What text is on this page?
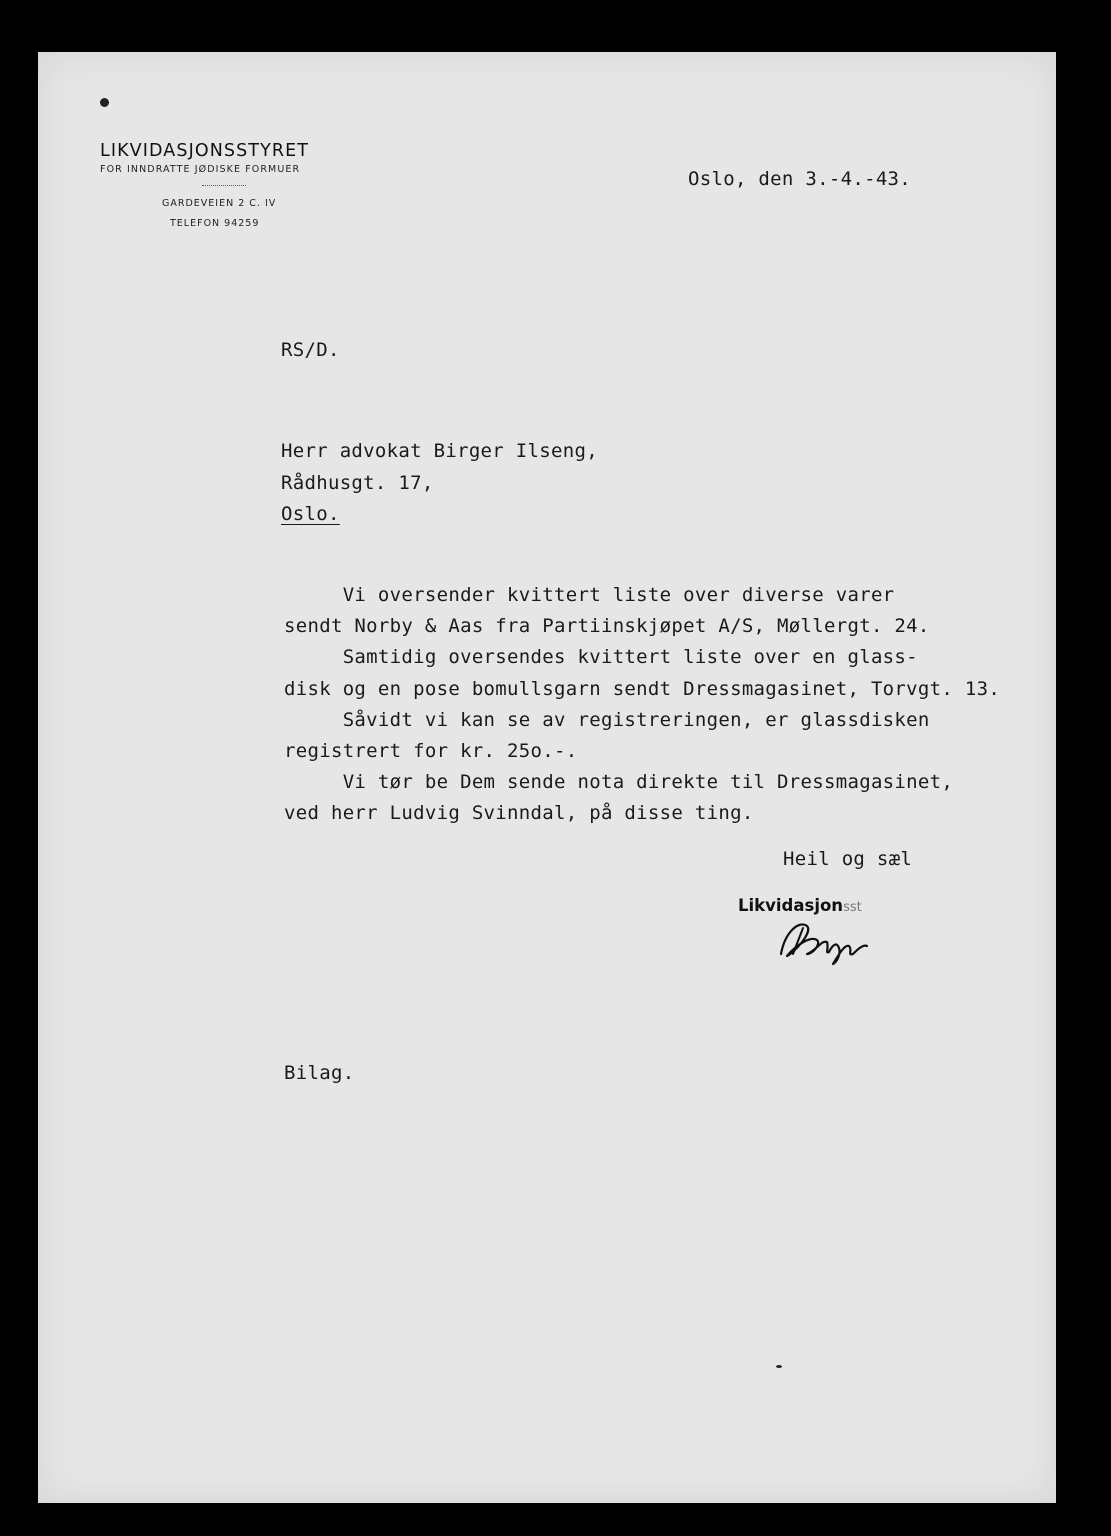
LIKVIDASJONSSTYRET
FOR INNDRATTE JØDISKE FORMUER
GARDEVEIEN 2 C. IV
TELEFON 94259
Oslo, den 3.-4.-43.
RS/D.
Herr advokat Birger Ilseng,
Rådhusgt. 17,
Oslo.
Vi oversender kvittert liste over diverse varer
sendt Norby & Aas fra Partiinskjøpet A/S, Møllergt. 24.
Samtidig oversendes kvittert liste over en glass-
disk og en pose bomullsgarn sendt Dressmagasinet, Torvgt. 13.
Såvidt vi kan se av registreringen, er glassdisken
registrert for kr. 25o.-.
Vi tør be Dem sende nota direkte til Dressmagasinet,
ved herr Ludvig Svinndal, på disse ting.
Heil og sæl
Likvidasjonsst
Bilag.
